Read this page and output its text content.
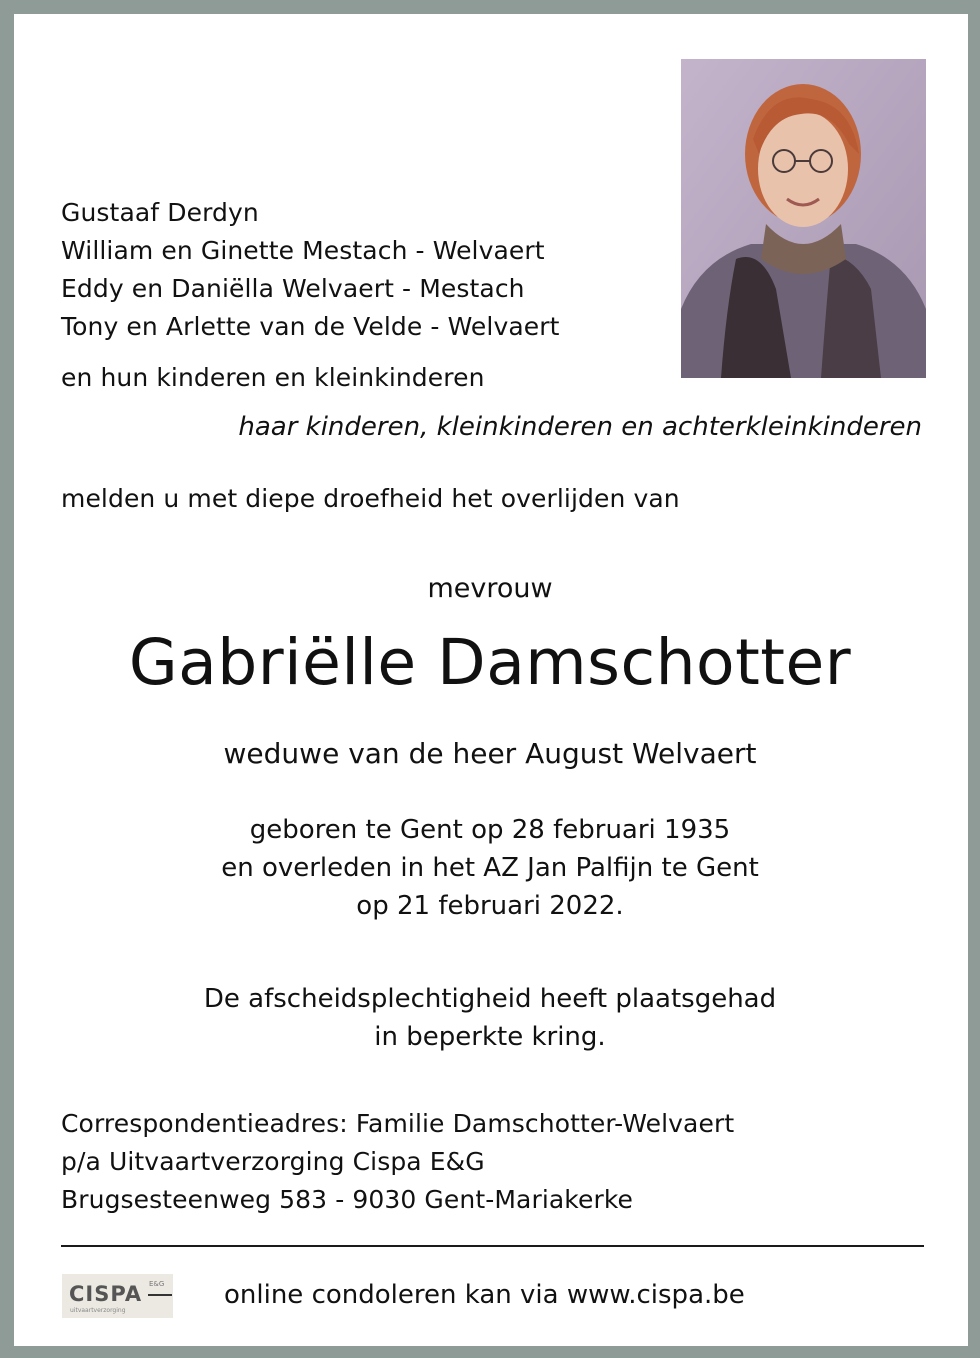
Gustaaf Derdyn
William en Ginette Mestach - Welvaert
Eddy en Daniëlla Welvaert - Mestach
Tony en Arlette van de Velde - Welvaert
en hun kinderen en kleinkinderen
haar kinderen, kleinkinderen en achterkleinkinderen
melden u met diepe droefheid het overlijden van
mevrouw
Gabriëlle Damschotter
weduwe van de heer August Welvaert
geboren te Gent op 28 februari 1935
en overleden in het AZ Jan Palfijn te Gent
op 21 februari 2022.
De afscheidsplechtigheid heeft plaatsgehad
in beperkte kring.
Correspondentieadres: Familie Damschotter-Welvaert
p/a Uitvaartverzorging Cispa E&G
Brugsesteenweg 583 - 9030 Gent-Mariakerke
CISPA E&G
uitvaartverzorging
online condoleren kan via www.cispa.be
